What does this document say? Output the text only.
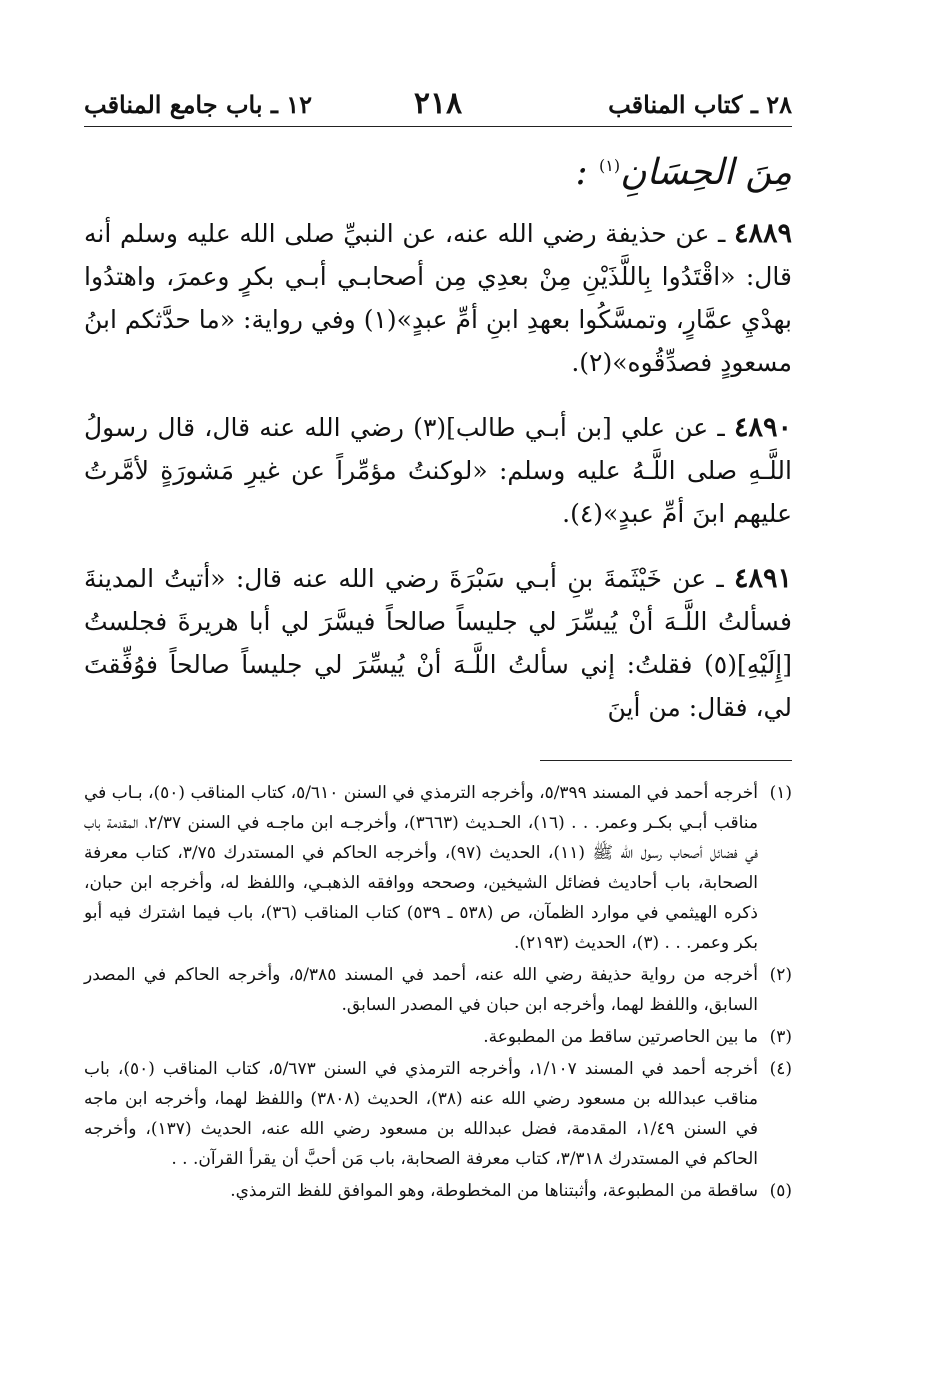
٢٨ ـ كتاب المناقب
٢١٨
١٢ ـ باب جامع المناقب
مِنَ الحِسَانِ$^{(١)}$ :

٤٨٨٩ ـ عن حذيفة رضي الله عنه، عن النبيِّ صلى الله عليه وسلم أنه قال: «اقْتَدُوا بِاللَّذَيْنِ مِنْ بعدِي مِن أصحابـي أبـي بكرٍ وعمرَ، واهتدُوا بهدْيِ عمَّارٍ، وتمسَّكُوا بعهدِ ابنِ أمِّ عبدٍ»(١) وفي رواية: «ما حدَّثكم ابنُ مسعودٍ فصدِّقُوه»(٢).

٤٨٩٠ ـ عن علي [بن أبـي طالب](٣) رضي الله عنه قال، قال رسولُ اللَّـهِ صلى اللَّـهُ عليه وسلم: «لوكنتُ مؤمِّراً عن غيرِ مَشورَةٍ لأمَّرتُ عليهم ابنَ أمِّ عبدٍ»(٤).

٤٨٩١ ـ عن خَيْثَمةَ بنِ أبـي سَبْرَةَ رضي الله عنه قال: «أتيتُ المدينةَ فسألتُ اللَّـهَ أنْ يُيسِّرَ لي جليساً صالحاً فيسَّرَ لي أبا هريرةَ فجلستُ [إِلَيْهِ](٥) فقلتُ: إني سألتُ اللَّـهَ أنْ يُيسِّرَ لي جليساً صالحاً فوُفِّقتَ لي، فقال: من أينَ

(١)
أخرجه أحمد في المسند ٥/٣٩٩، وأخرجه الترمذي في السنن ٥/٦١٠، كتاب المناقب (٥٠)، بـاب في مناقب أبـي بكـر وعمر. . . (١٦)، الحـديث (٣٦٦٣)، وأخرجـه ابن ماجـه في السنن ٢/٣٧، المقدمة باب في فضائل أصحاب رسول الله ﷺ (١١)، الحديث (٩٧)، وأخرجه الحاكم في المستدرك ٣/٧٥، كتاب معرفة الصحابة، باب أحاديث فضائل الشيخين، وصححه ووافقه الذهبـي، واللفظ له، وأخرجه ابن حبان، ذكره الهيثمي في موارد الظمآن، ص (٥٣٨ ـ ٥٣٩) كتاب المناقب (٣٦)، باب فيما اشترك فيه أبو بكر وعمر. . . (٣)، الحديث (٢١٩٣).
(٢)
أخرجه من رواية حذيفة رضي الله عنه، أحمد في المسند ٥/٣٨٥، وأخرجه الحاكم في المصدر السابق، واللفظ لهما، وأخرجه ابن حبان في المصدر السابق.
(٣)
ما بين الحاصرتين ساقط من المطبوعة.
(٤)
أخرجه أحمد في المسند ١/١٠٧، وأخرجه الترمذي في السنن ٥/٦٧٣، كتاب المناقب (٥٠)، باب مناقب عبدالله بن مسعود رضي الله عنه (٣٨)، الحديث (٣٨٠٨) واللفظ لهما، وأخرجه ابن ماجه في السنن ١/٤٩، المقدمة، فضل عبدالله بن مسعود رضي الله عنه، الحديث (١٣٧)، وأخرجه الحاكم في المستدرك ٣/٣١٨، كتاب معرفة الصحابة، باب مَن أحبَّ أن يقرأ القرآن. . .
(٥)
ساقطة من المطبوعة، وأثبتناها من المخطوطة، وهو الموافق للفظ الترمذي.
